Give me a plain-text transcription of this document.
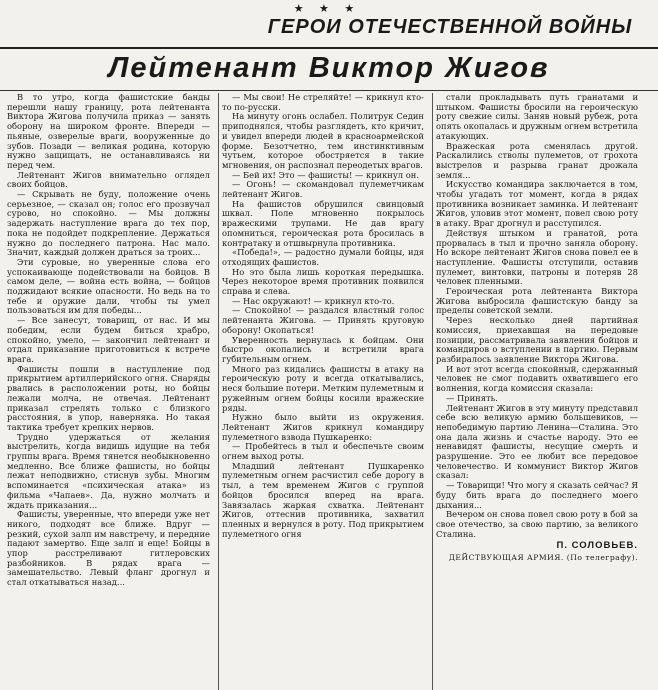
★ ★ ★
ГЕРОИ ОТЕЧЕСТВЕННОЙ ВОЙНЫ
Лейтенант Виктор Жигов

В то утро, когда фашистские банды перешли нашу границу, рота лейтенанта Виктора Жигова получила приказ — занять оборону на широком фронте. Впереди — пьяные, озверелые враги, вооруженные до зубов. Позади — великая родина, которую нужно защищать, не останавливаясь ни перед чем.

Лейтенант Жигов внимательно оглядел своих бойцов.

— Скрывать не буду, положение очень серьезное, — сказал он; голос его прозвучал сурово, но спокойно. — Мы должны задержать наступление врага до тех пор, пока не подойдет подкрепление. Держаться нужно до последнего патрона. Нас мало. Значит, каждый должен драться за троих...

Эти суровые, но уверенные слова его успокаивающе подействовали на бойцов. В самом деле, — война есть война, — бойцов поджидают всякие опасности. Но ведь на то тебе и оружие дали, чтобы ты умел пользоваться им для победы...

— Все занесут, товарищ, от нас. И мы победим, если будем биться храбро, спокойно, умело, — закончил лейтенант и отдал приказание приготовиться к встрече врага.

Фашисты пошли в наступление под прикрытием артиллерийского огня. Снаряды рвались в расположении роты, но бойцы лежали молча, не отвечая. Лейтенант приказал стрелять только с близкого расстояния, в упор, наверняка. Но такая тактика требует крепких нервов.

Трудно удержаться от желания выстрелить, когда видишь идущие на тебя группы врага. Время тянется необыкновенно медленно. Все ближе фашисты, но бойцы лежат неподвижно, стиснув зубы. Многим вспоминается «психическая атака» из фильма «Чапаев». Да, нужно молчать и ждать приказания...

Фашисты, уверенные, что впереди уже нет никого, подходят все ближе. Вдруг — резкий, сухой залп им навстречу, и передние падают замертво. Еще залп и еще! Бойцы в упор расстреливают гитлеровских разбойников. В рядах врага — замешательство. Левый фланг дрогнул и стал откатываться назад...

— Мы свои! Не стреляйте! — крикнул кто-то по-русски.

На минуту огонь ослабел. Политрук Седин приподнялся, чтобы разглядеть, кто кричит, и увидел впереди людей в красноармейской форме. Безотчетно, тем инстинктивным чутьем, которое обостряется в такие мгновения, он распознал переодетых врагов.

— Бей их! Это — фашисты! — крикнул он.

— Огонь! — скомандовал пулеметчикам лейтенант Жигов.

На фашистов обрушился свинцовый шквал. Поле мгновенно покрылось вражескими трупами. Не дав врагу опомниться, героическая рота бросилась в контратаку и отшвырнула противника.

«Победа!», — радостно думали бойцы, идя отходящих фашистов.

Но это была лишь короткая передышка. Через некоторое время противник появился справа и слева.

— Нас окружают! — крикнул кто-то.

— Спокойно! — раздался властный голос лейтенанта Жигова. — Принять круговую оборону! Окопаться!

Уверенность вернулась к бойцам. Они быстро окопались и встретили врага губительным огнем.

Много раз кидались фашисты в атаку на героическую роту и всегда откатывались, неся большие потери. Метким пулеметным и ружейным огнем бойцы косили вражеские ряды.

Нужно было выйти из окружения. Лейтенант Жигов крикнул командиру пулеметного взвода Пушкаренко:

— Пробейтесь в тыл и обеспечьте своим огнем выход роты.

Младший лейтенант Пушкаренко пулеметным огнем расчистил себе дорогу в тыл, а тем временем Жигов с группой бойцов бросился вперед на врага. Завязалась жаркая схватка. Лейтенант Жигов, оттеснив противника, захватил пленных и вернулся в роту. Под прикрытием пулеметного огня

стали прокладывать путь гранатами и штыком. Фашисты бросили на героическую роту свежие силы. Заняв новый рубеж, рота опять окопалась и дружным огнем встретила атакующих.

Вражеская рота сменялась другой. Раскалились стволы пулеметов, от грохота выстрелов и разрыва гранат дрожала земля...

Искусство командира заключается в том, чтобы угадать тот момент, когда в рядах противника возникает заминка. И лейтенант Жигов, уловив этот момент, повел свою роту в атаку. Враг дрогнул и расступился.

Действуя штыком и гранатой, рота прорвалась в тыл и прочно заняла оборону. Но вскоре лейтенант Жигов снова повел ее в наступление. Фашисты отступили, оставив пулемет, винтовки, патроны и потеряв 28 человек пленными.

Героическая рота лейтенанта Виктора Жигова выбросила фашистскую банду за пределы советской земли.

Через несколько дней партийная комиссия, приехавшая на передовые позиции, рассматривала заявления бойцов и командиров о вступлении в партию. Первым разбиралось заявление Виктора Жигова.

И вот этот всегда спокойный, сдержанный человек не смог подавить охватившего его волнения, когда комиссия сказала:

— Принять.

Лейтенант Жигов в эту минуту представил себе всю великую армию большевиков, — непобедимую партию Ленина—Сталина. Это она дала жизнь и счастье народу. Это ее ненавидят фашисты, несущие смерть и разрушение. Это ее любит все передовое человечество. И коммунист Виктор Жигов сказал:

— Товарищи! Что могу я сказать сейчас? Я буду бить врага до последнего моего дыхания...

Вечером он снова повел свою роту в бой за свое отечество, за свою партию, за великого Сталина.

П. СОЛОВЬЕВ.
ДЕЙСТВУЮЩАЯ АРМИЯ. (По телеграфу).
